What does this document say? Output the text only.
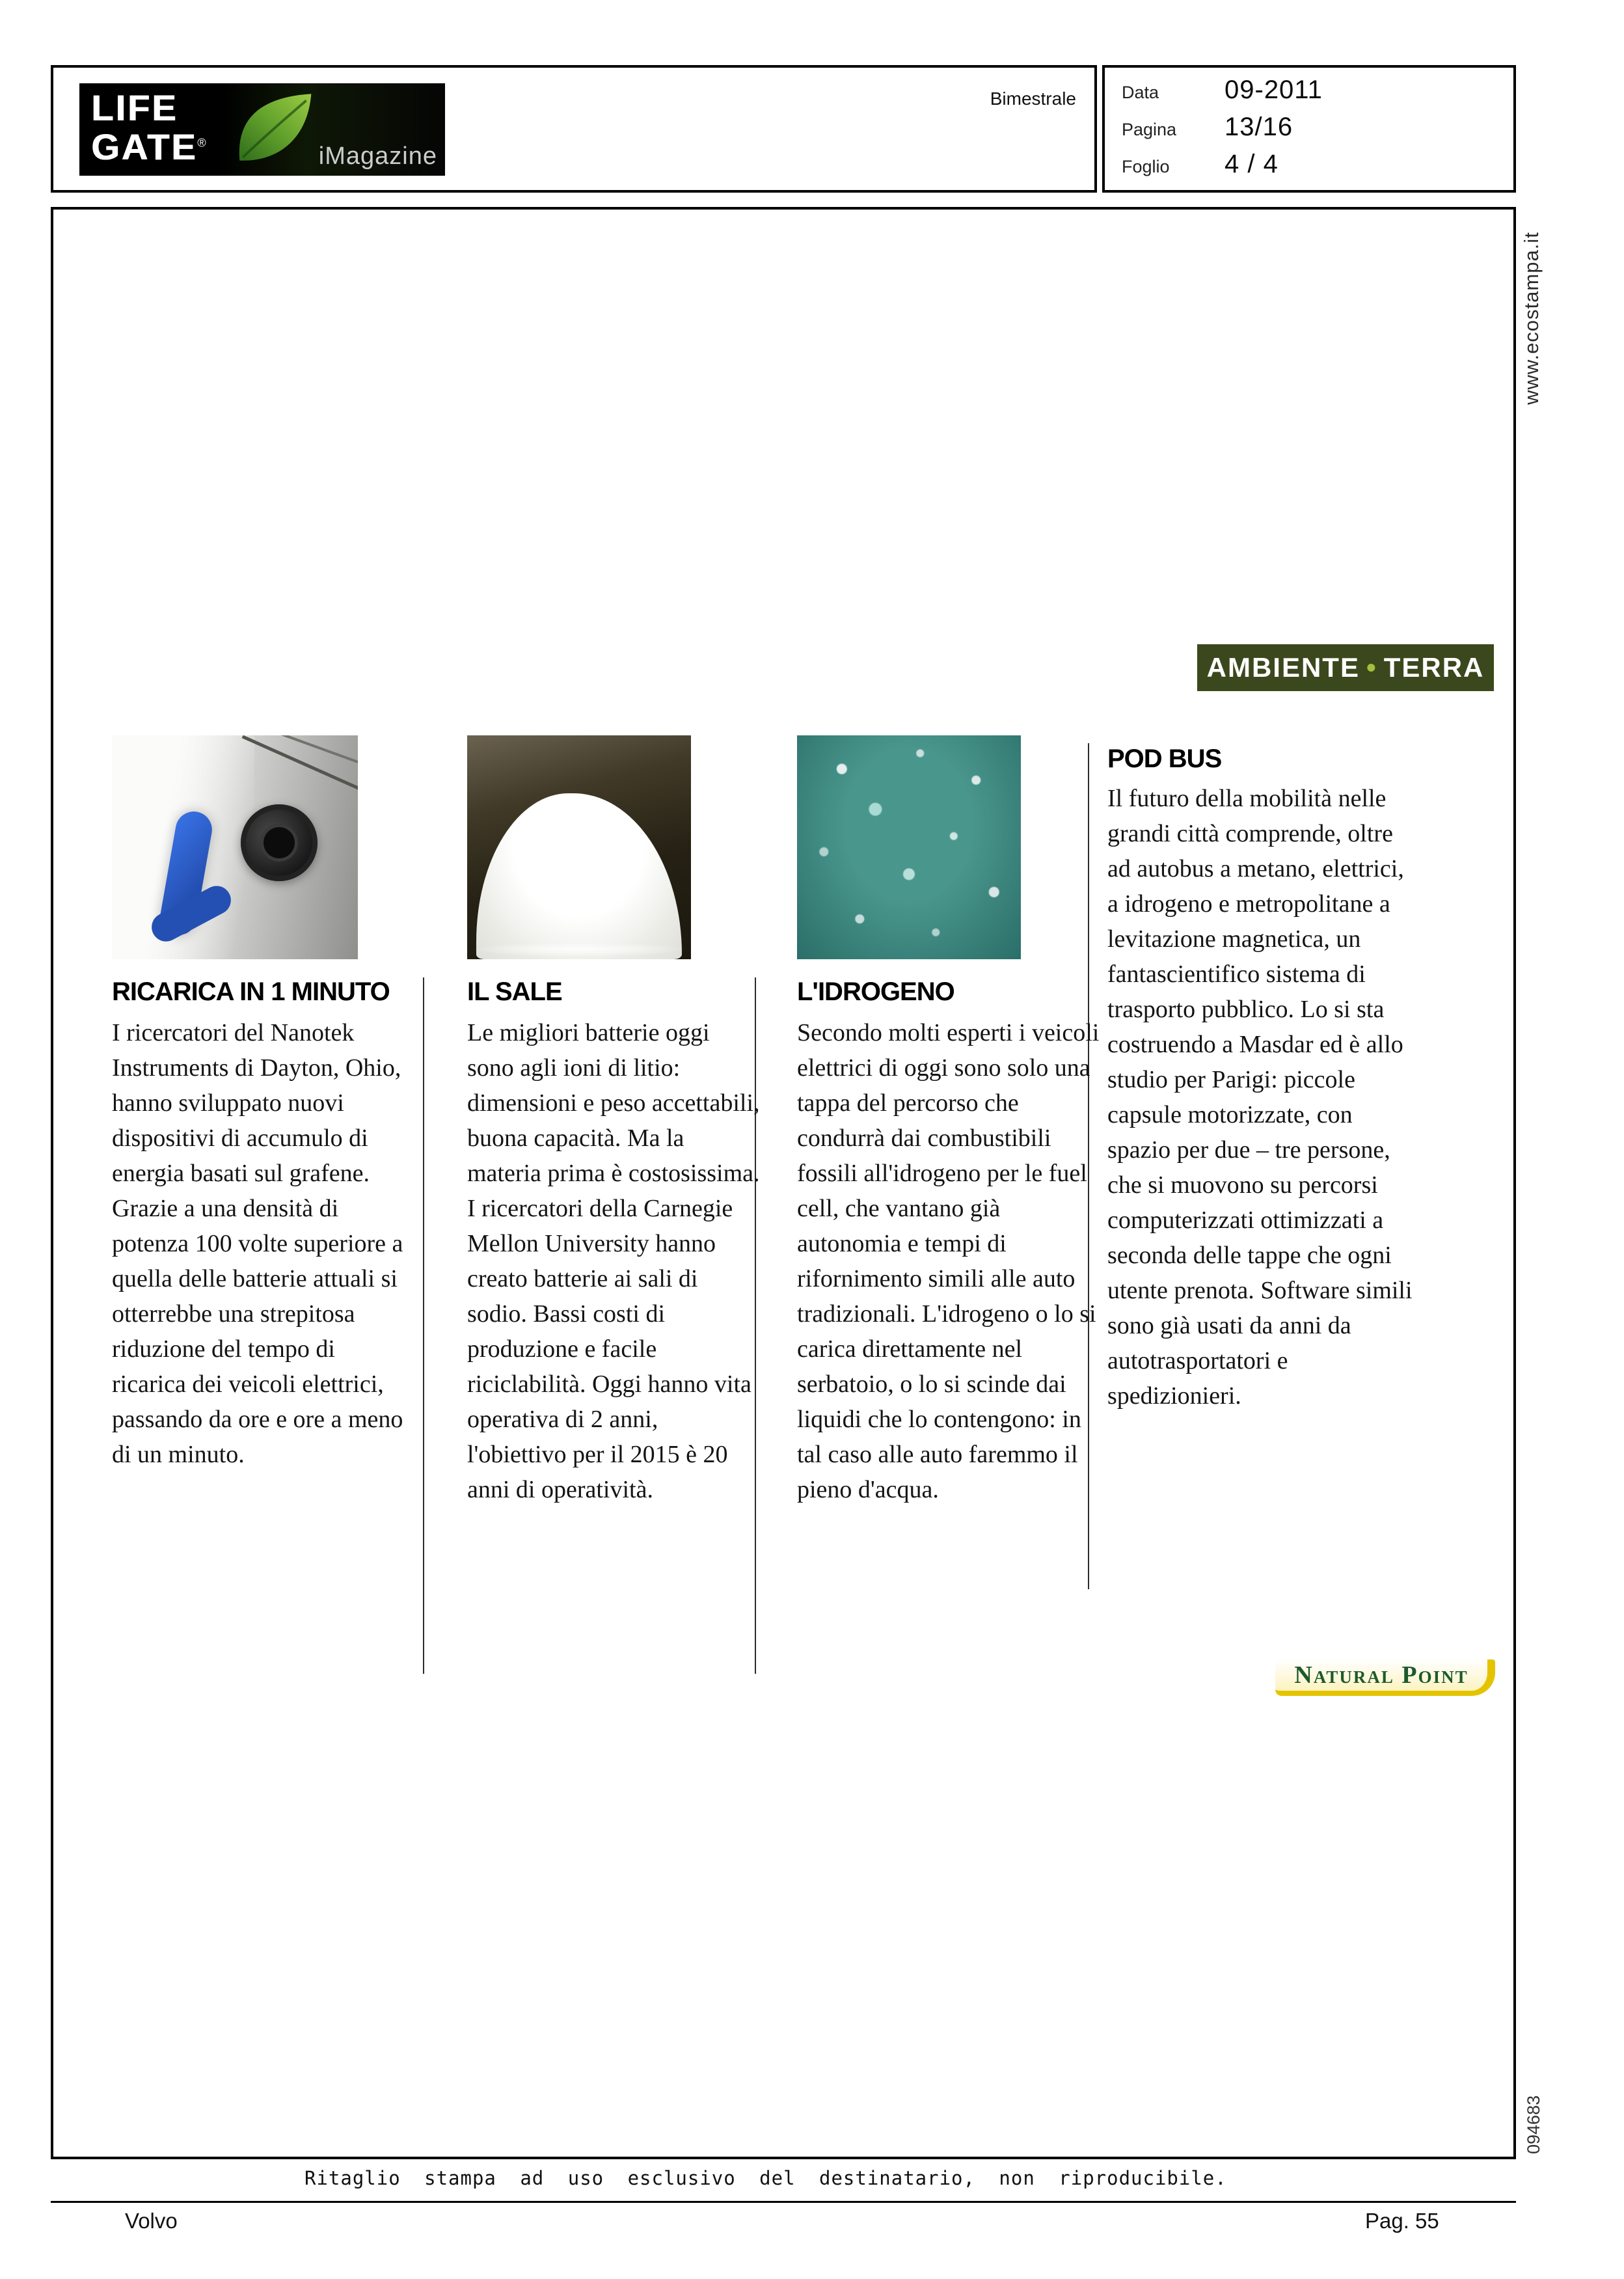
LIFE
GATE®	iMagazine
Bimestrale	Data	09-2011
Pagina	13/16
Foglio	4 / 4
www.ecostampa.it
AMBIENTE • TERRA
RICARICA IN 1 MINUTO	IL SALE	L'IDROGENO
POD BUS
I ricercatori del Nanotek Instruments di Dayton, Ohio, hanno sviluppato nuovi dispositivi di accumulo di energia basati sul grafene. Grazie a una densità di potenza 100 volte superiore a quella delle batterie attuali si otterrebbe una strepitosa riduzione del tempo di ricarica dei veicoli elettrici, passando da ore e ore a meno di un minuto.
Le migliori batterie oggi sono agli ioni di litio: dimensioni e peso accettabili, buona capacità. Ma la materia prima è costosissima. I ricercatori della Carnegie Mellon University hanno creato batterie ai sali di sodio. Bassi costi di produzione e facile riciclabilità. Oggi hanno vita operativa di 2 anni, l'obiettivo per il 2015 è 20 anni di operatività.
Secondo molti esperti i veicoli elettrici di oggi sono solo una tappa del percorso che condurrà dai combustibili fossili all'idrogeno per le fuel cell, che vantano già autonomia e tempi di rifornimento simili alle auto tradizionali. L'idrogeno o lo si carica direttamente nel serbatoio, o lo si scinde dai liquidi che lo contengono: in tal caso alle auto faremmo il pieno d'acqua.
Il futuro della mobilità nelle grandi città comprende, oltre ad autobus a metano, elettrici, a idrogeno e metropolitane a levitazione magnetica, un fantascientifico sistema di trasporto pubblico. Lo si sta costruendo a Masdar ed è allo studio per Parigi: piccole capsule motorizzate, con spazio per due – tre persone, che si muovono su percorsi computerizzati ottimizzati a seconda delle tappe che ogni utente prenota. Software simili sono già usati da anni da autotrasportatori e spedizionieri.
Natural Point
094683
Ritaglio stampa ad uso esclusivo del destinatario, non riproducibile.
Volvo	Pag. 55
